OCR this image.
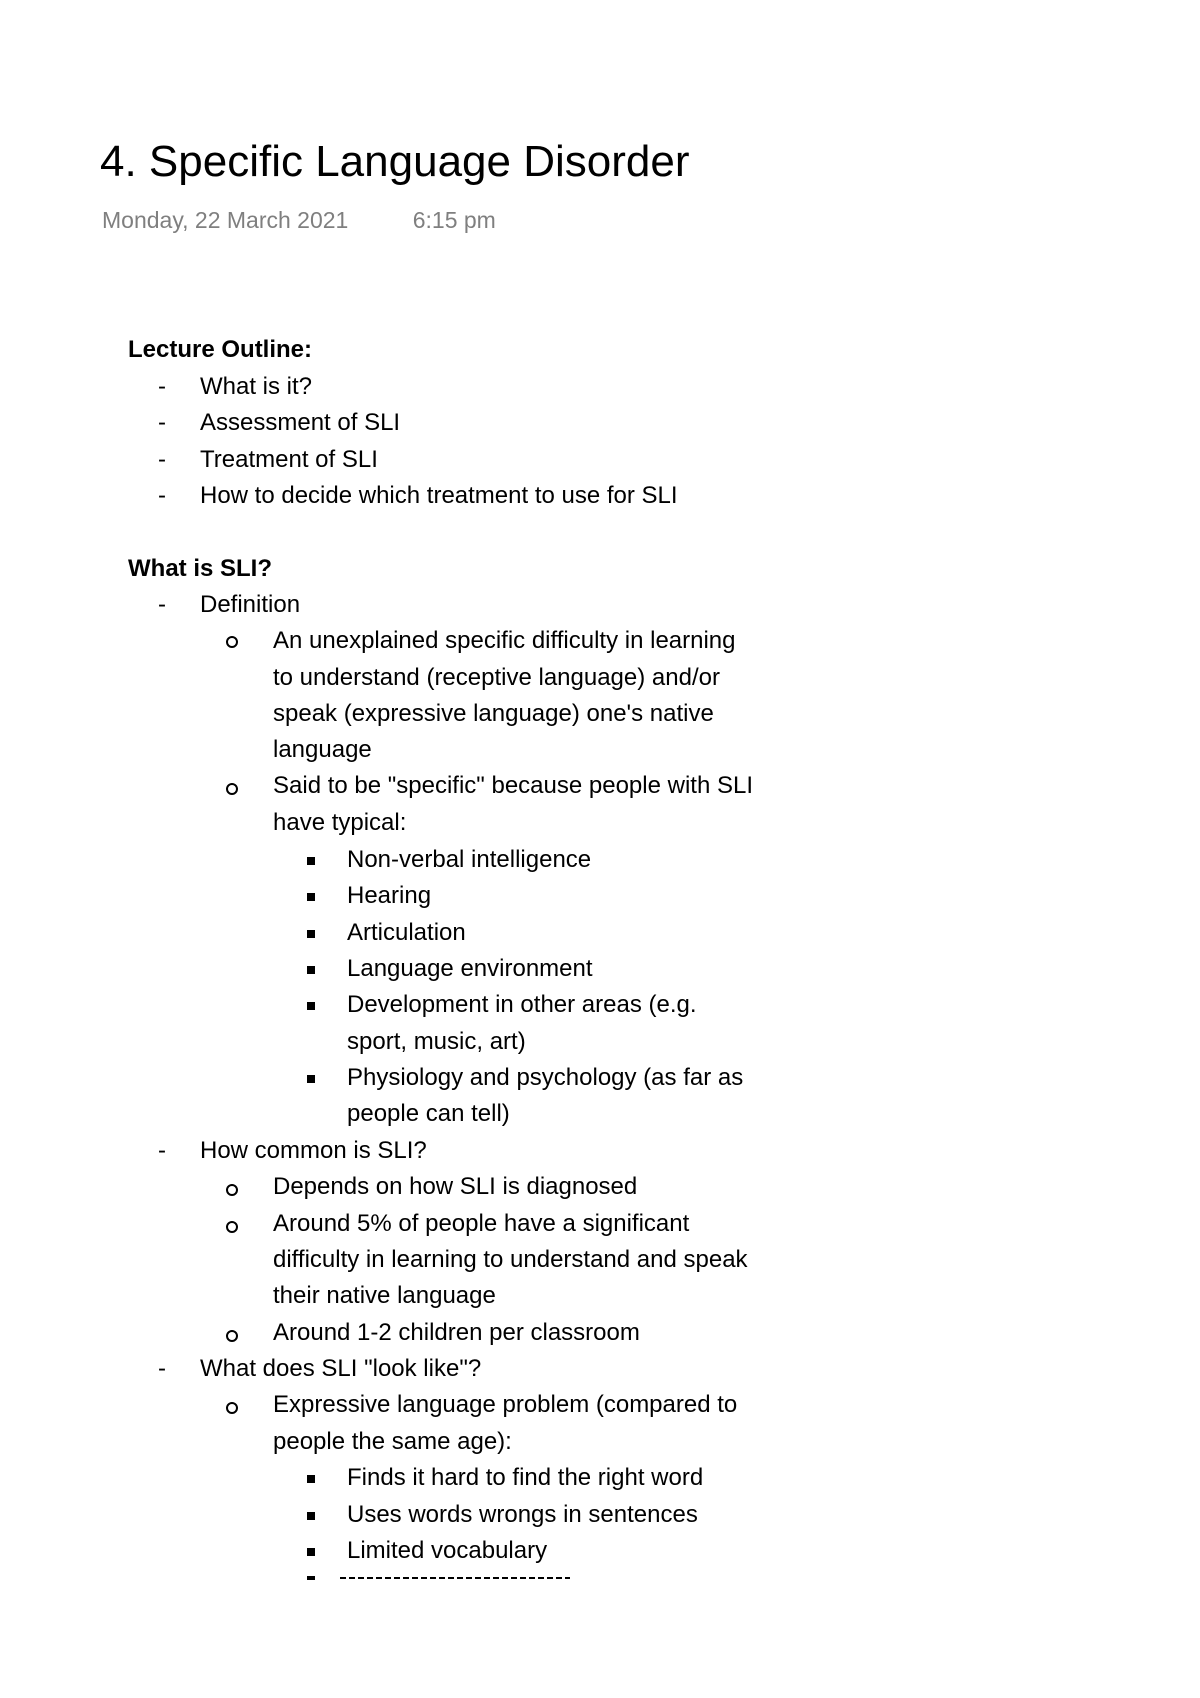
4. Specific Language Disorder
Monday, 22 March 2021	6:15 pm
Lecture Outline:
- What is it?
- Assessment of SLI
- Treatment of SLI
- How to decide which treatment to use for SLI
What is SLI?
- Definition
An unexplained specific difficulty in learning
to understand (receptive language) and/or
speak (expressive language) one's native
language
Said to be "specific" because people with SLI
have typical:
Non-verbal intelligence
Hearing
Articulation
Language environment
Development in other areas (e.g.
sport, music, art)
Physiology and psychology (as far as
people can tell)
- How common is SLI?
Depends on how SLI is diagnosed
Around 5% of people have a significant
difficulty in learning to understand and speak
their native language
Around 1-2 children per classroom
- What does SLI "look like"?
Expressive language problem (compared to
people the same age):
Finds it hard to find the right word
Uses words wrongs in sentences
Limited vocabulary
